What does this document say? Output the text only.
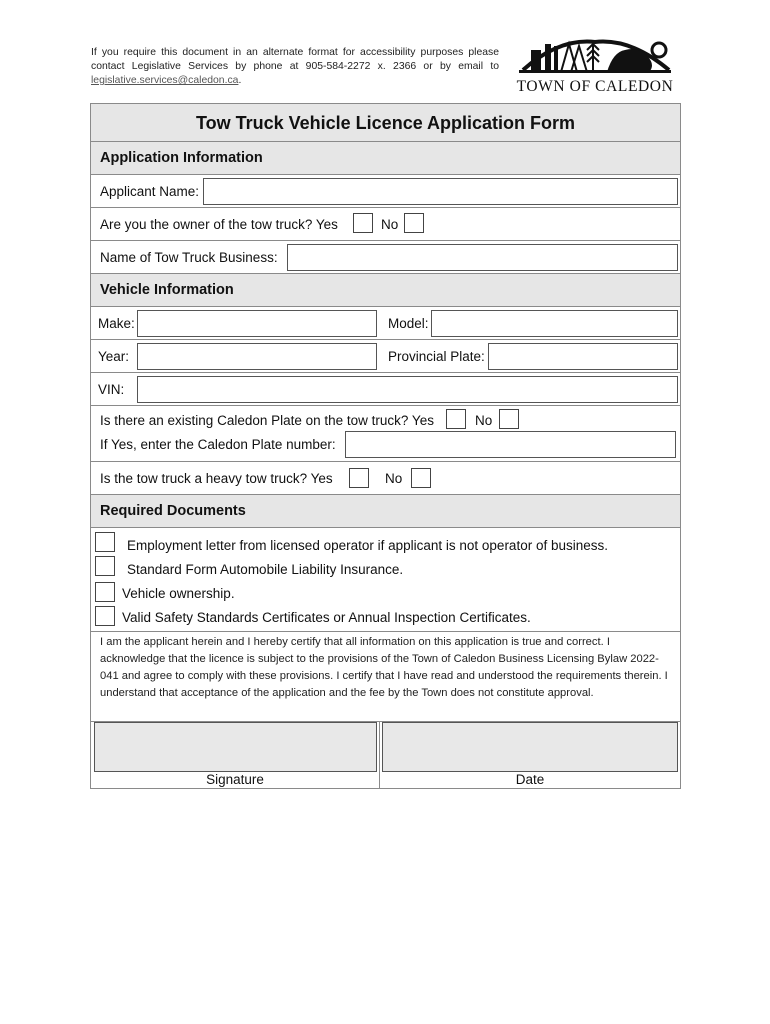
If you require this document in an alternate format for accessibility purposes please contact Legislative Services by phone at 905-584-2272 x. 2366 or by email to legislative.services@caledon.ca.	TOWN OF CALEDON
Tow Truck Vehicle Licence Application Form
Application Information
Applicant Name:
Are you the owner of the tow truck? Yes	No
Name of Tow Truck Business:
Vehicle Information
Make:	Model:
Year:	Provincial Plate:
VIN:
Is there an existing Caledon Plate on the tow truck? Yes	No
If Yes, enter the Caledon Plate number:
Is the tow truck a heavy tow truck? Yes	No
Required Documents
Employment letter from licensed operator if applicant is not operator of business.
Standard Form Automobile Liability Insurance.
Vehicle ownership.
Valid Safety Standards Certificates or Annual Inspection Certificates.
I am the applicant herein and I hereby certify that all information on this application is true and correct. I acknowledge that the licence is subject to the provisions of the Town of Caledon Business Licensing Bylaw 2022-041 and agree to comply with these provisions. I certify that I have read and understood the requirements therein. I understand that acceptance of the application and the fee by the Town does not constitute approval.
Signature	Date
